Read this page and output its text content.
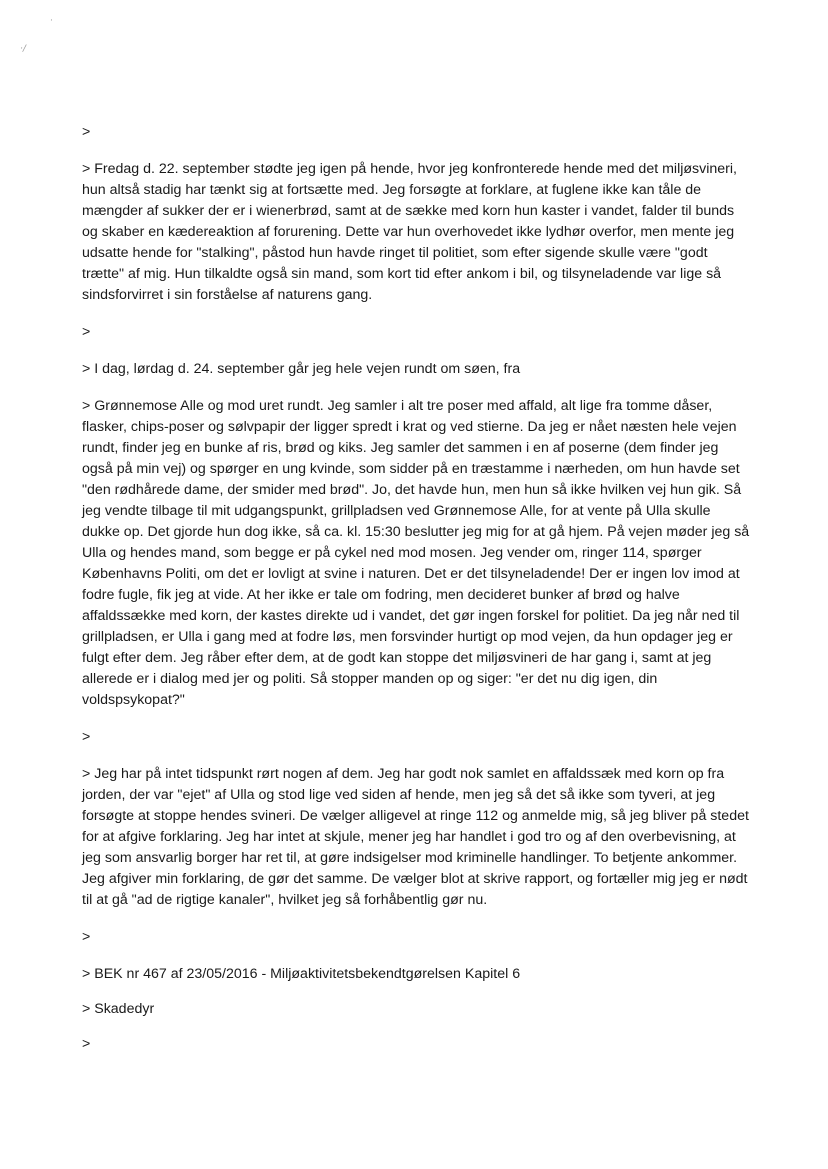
·
﻿·/

>

> Fredag d. 22. september stødte jeg igen på hende, hvor jeg konfronterede hende med det miljøsvineri, hun altså stadig har tænkt sig at fortsætte med. Jeg forsøgte at forklare, at fuglene ikke kan tåle de mængder af sukker der er i wienerbrød, samt at de sække med korn hun kaster i vandet, falder til bunds og skaber en kædereaktion af forurening. Dette var hun overhovedet ikke lydhør overfor, men mente jeg udsatte hende for "stalking", påstod hun havde ringet til politiet, som efter sigende skulle være "godt trætte" af mig. Hun tilkaldte også sin mand, som kort tid efter ankom i bil, og tilsyneladende var lige så sindsforvirret i sin forståelse af naturens gang.

>

> I dag, lørdag d. 24. september går jeg hele vejen rundt om søen, fra

> Grønnemose Alle og mod uret rundt. Jeg samler i alt tre poser med affald, alt lige fra tomme dåser, flasker, chips-poser og sølvpapir der ligger spredt i krat og ved stierne. Da jeg er nået næsten hele vejen rundt, finder jeg en bunke af ris, brød og kiks. Jeg samler det sammen i en af poserne (dem finder jeg også på min vej) og spørger en ung kvinde, som sidder på en træstamme i nærheden, om hun havde set "den rødhårede dame, der smider med brød". Jo, det havde hun, men hun så ikke hvilken vej hun gik. Så jeg vendte tilbage til mit udgangspunkt, grillpladsen ved Grønnemose Alle, for at vente på Ulla skulle dukke op. Det gjorde hun dog ikke, så ca. kl. 15:30 beslutter jeg mig for at gå hjem. På vejen møder jeg så Ulla og hendes mand, som begge er på cykel ned mod mosen. Jeg vender om, ringer 114, spørger Københavns Politi, om det er lovligt at svine i naturen. Det er det tilsyneladende! Der er ingen lov imod at fodre fugle, fik jeg at vide. At her ikke er tale om fodring, men decideret bunker af brød og halve affaldssække med korn, der kastes direkte ud i vandet, det gør ingen forskel for politiet. Da jeg når ned til grillpladsen, er Ulla i gang med at fodre løs, men forsvinder hurtigt op mod vejen, da hun opdager jeg er fulgt efter dem. Jeg råber efter dem, at de godt kan stoppe det miljøsvineri de har gang i, samt at jeg allerede er i dialog med jer og politi. Så stopper manden op og siger: "er det nu dig igen, din voldspsykopat?"

>

> Jeg har på intet tidspunkt rørt nogen af dem. Jeg har godt nok samlet en affaldssæk med korn op fra jorden, der var "ejet" af Ulla og stod lige ved siden af hende, men jeg så det så ikke som tyveri, at jeg forsøgte at stoppe hendes svineri. De vælger alligevel at ringe 112 og anmelde mig, så jeg bliver på stedet for at afgive forklaring. Jeg har intet at skjule, mener jeg har handlet i god tro og af den overbevisning, at jeg som ansvarlig borger har ret til, at gøre indsigelser mod kriminelle handlinger. To betjente ankommer. Jeg afgiver min forklaring, de gør det samme. De vælger blot at skrive rapport, og fortæller mig jeg er nødt til at gå "ad de rigtige kanaler", hvilket jeg så forhåbentlig gør nu.

>

> BEK nr 467 af 23/05/2016 - Miljøaktivitetsbekendtgørelsen Kapitel 6

> Skadedyr

>
